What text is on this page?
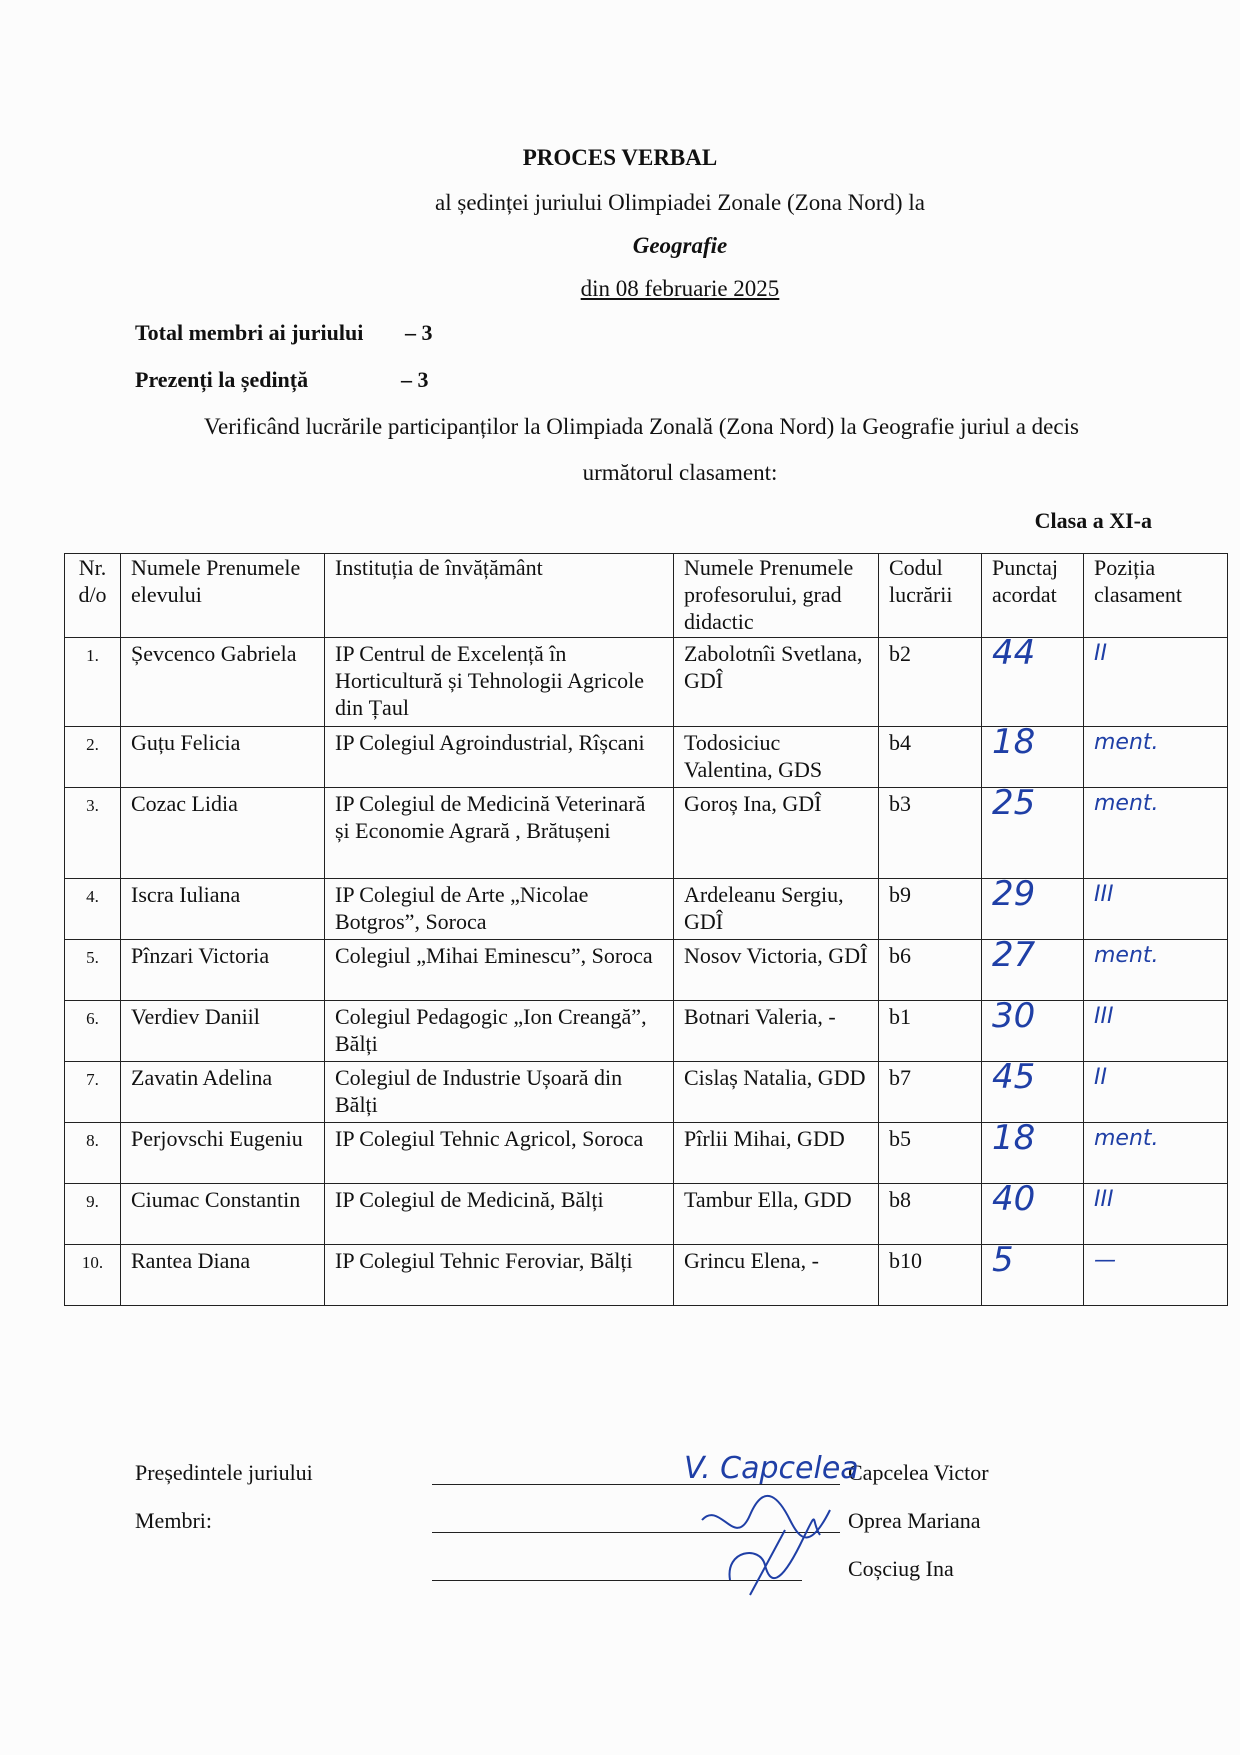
PROCES VERBAL
al ședinței juriului Olimpiadei Zonale (Zona Nord) la
Geografie
din 08 februarie 2025
Total membri ai juriului – 3
Prezenți la ședință	– 3
Verificând lucrările participanților la Olimpiada Zonală (Zona Nord) la Geografie juriul a decis
următorul clasament:
Clasa a XI-a
Nr. d/o	Numele Prenumele elevului	Instituția de învățământ	Numele Prenumele profesorului, grad didactic	Codul lucrării	Punctaj acordat	Poziția clasament
1.	Șevcenco Gabriela	IP Centrul de Excelență în Horticultură și Tehnologii Agricole din Țaul	Zabolotnîi Svetlana, GDÎ	b2	44	II
2.	Guțu Felicia	IP Colegiul Agroindustrial, Rîșcani	Todosiciuc Valentina, GDS	b4	18	ment.
3.	Cozac Lidia	IP Colegiul de Medicină Veterinară și Economie Agrară , Brătușeni	Goroș Ina, GDÎ	b3	25	ment.
4.	Iscra Iuliana	IP Colegiul de Arte „Nicolae Botgros”, Soroca	Ardeleanu Sergiu, GDÎ	b9	29	III
5.	Pînzari Victoria	Colegiul „Mihai Eminescu”, Soroca	Nosov Victoria, GDÎ	b6	27	ment.
6.	Verdiev Daniil	Colegiul Pedagogic „Ion Creangă”, Bălți	Botnari Valeria, -	b1	30	III
7.	Zavatin Adelina	Colegiul de Industrie Ușoară din Bălți	Cislaș Natalia, GDD	b7	45	II
8.	Perjovschi Eugeniu	IP Colegiul Tehnic Agricol, Soroca	Pîrlii Mihai, GDD	b5	18	ment.
9.	Ciumac Constantin	IP Colegiul de Medicină, Bălți	Tambur Ella, GDD	b8	40	III
10.	Rantea Diana	IP Colegiul Tehnic Feroviar, Bălți	Grincu Elena, -	b10	5	—
Președintele juriului	Capcelea Victor
Membri:	Oprea Mariana
Coșciug Ina
V. Capcelea
